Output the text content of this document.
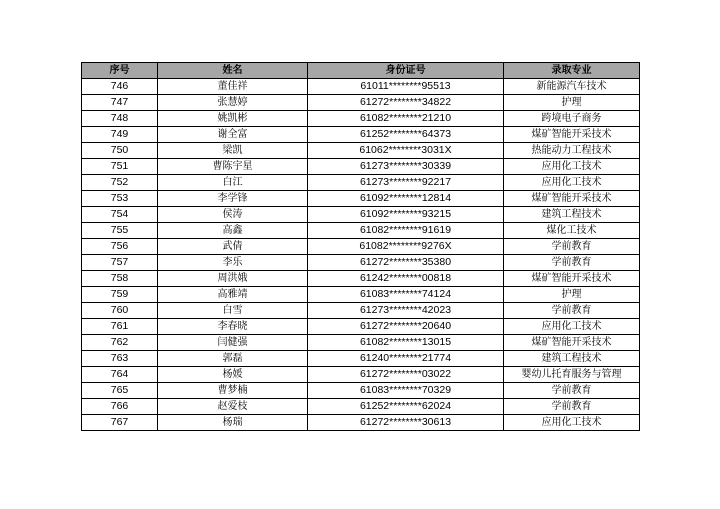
序号	姓名	身份证号	录取专业
746	董佳祥	61011********95513	新能源汽车技术
747	张慧婷	61272********34822	护理
748	姚凯彬	61082********21210	跨境电子商务
749	谢全富	61252********64373	煤矿智能开采技术
750	梁凯	61062********3031X	热能动力工程技术
751	曹陈宇星	61273********30339	应用化工技术
752	白江	61273********92217	应用化工技术
753	李学锋	61092********12814	煤矿智能开采技术
754	侯涛	61092********93215	建筑工程技术
755	高鑫	61082********91619	煤化工技术
756	武倩	61082********9276X	学前教育
757	李乐	61272********35380	学前教育
758	周洪娥	61242********00818	煤矿智能开采技术
759	高雅靖	61083********74124	护理
760	白雪	61273********42023	学前教育
761	李春晓	61272********20640	应用化工技术
762	闫健强	61082********13015	煤矿智能开采技术
763	郭磊	61240********21774	建筑工程技术
764	杨媛	61272********03022	婴幼儿托育服务与管理
765	曹梦楠	61083********70329	学前教育
766	赵爱枝	61252********62024	学前教育
767	杨瑞	61272********30613	应用化工技术
